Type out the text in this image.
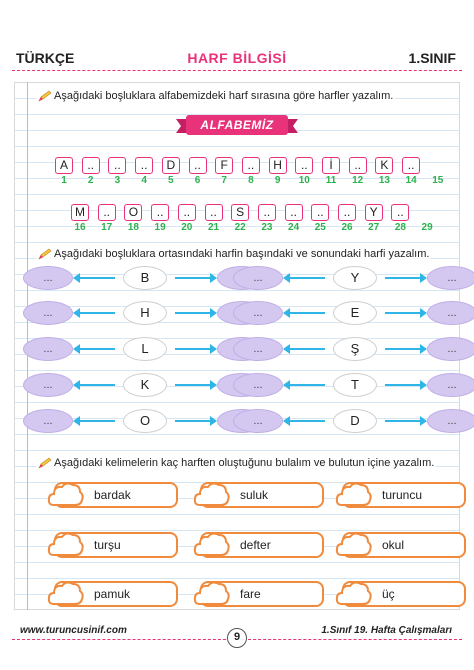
TÜRKÇE	HARF BİLGİSİ	1.SINIF
Aşağıdaki boşluklara alfabemizdeki harf sırasına göre harfler yazalım.
ALFABEMİZ
A	..	..	..	D	..	F	..	H	..	İ	..	K	..
1	2	3	4	5	6	7	8	9	10	11	12	13	14	15
M	..	O	..	..	..	S	..	..	..	..	Y	..
16	17	18	19	20	21	22	23	24	25	26	27	28	29
Aşağıdaki boşluklara ortasındaki harfin başındaki ve sonundaki harfi yazalım.
...	B	...	Y	...
...	H	...	E	...
...	L	...	Ş	...
...	K	...	T	...
...	O	...	D	...
Aşağıdaki kelimelerin kaç harften oluştuğunu bulalım ve bulutun içine yazalım.
bardak	suluk	turuncu
turşu	defter	okul
pamuk	fare	üç
www.turuncusinif.com
9
1.Sınıf 19. Hafta Çalışmaları
